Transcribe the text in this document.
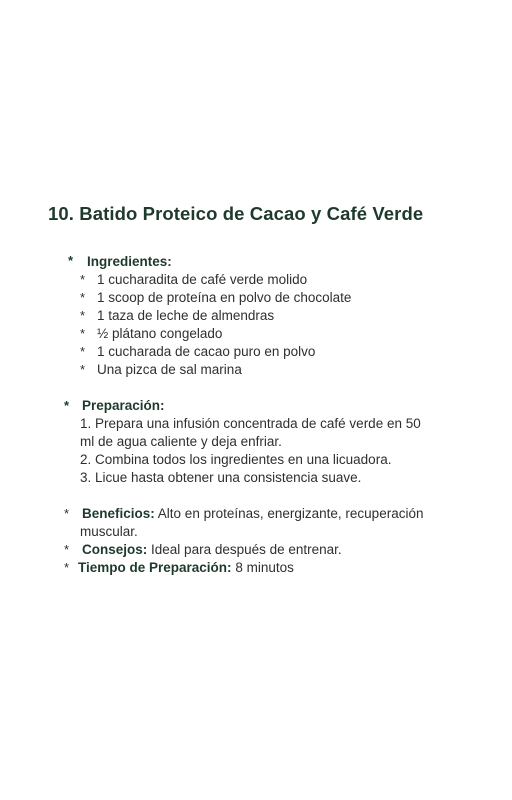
10. Batido Proteico de Cacao y Café Verde
* Ingredientes:
* 1 cucharadita de café verde molido
* 1 scoop de proteína en polvo de chocolate
* 1 taza de leche de almendras
* ½ plátano congelado
* 1 cucharada de cacao puro en polvo
* Una pizca de sal marina
* Preparación:
1. Prepara una infusión concentrada de café verde en 50
ml de agua caliente y deja enfriar.
2. Combina todos los ingredientes en una licuadora.
3. Licue hasta obtener una consistencia suave.
* Beneficios: Alto en proteínas, energizante, recuperación
muscular.
* Consejos: Ideal para después de entrenar.
* Tiempo de Preparación: 8 minutos
